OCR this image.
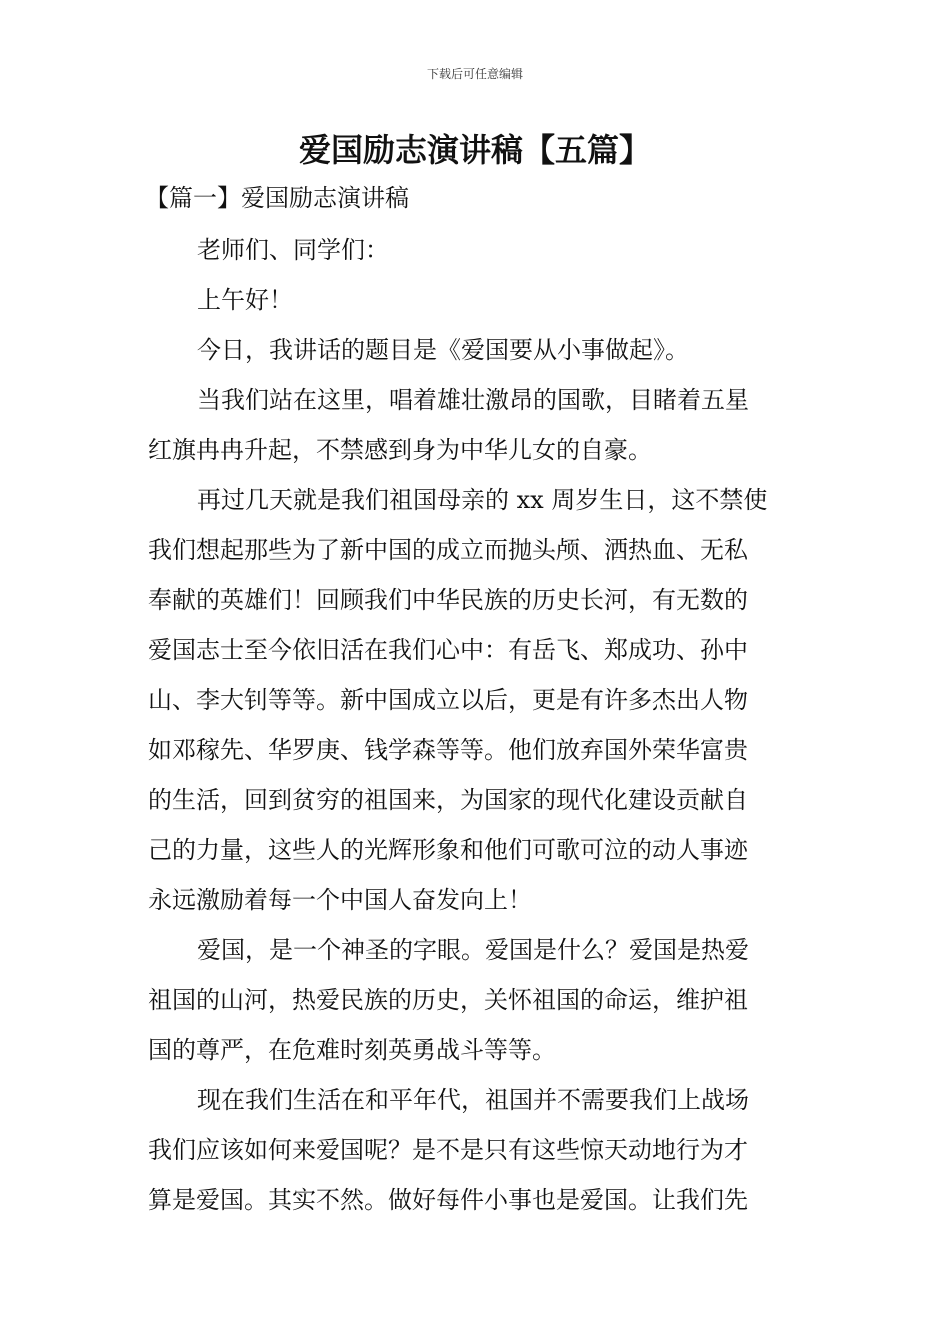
下载后可任意编辑
爱国励志演讲稿【五篇】
【篇一】爱国励志演讲稿

老师们、同学们：

上午好！

今日，我讲话的题目是《爱国要从小事做起》。

当我们站在这里，唱着雄壮激昂的国歌，目睹着五星
红旗冉冉升起，不禁感到身为中华儿女的自豪。

再过几天就是我们祖国母亲的 xx 周岁生日，这不禁使
我们想起那些为了新中国的成立而抛头颅、洒热血、无私
奉献的英雄们！回顾我们中华民族的历史长河，有无数的
爱国志士至今依旧活在我们心中：有岳飞、郑成功、孙中
山、李大钊等等。新中国成立以后，更是有许多杰出人物
如邓稼先、华罗庚、钱学森等等。他们放弃国外荣华富贵
的生活，回到贫穷的祖国来，为国家的现代化建设贡献自
己的力量，这些人的光辉形象和他们可歌可泣的动人事迹
永远激励着每一个中国人奋发向上！

爱国，是一个神圣的字眼。爱国是什么？爱国是热爱
祖国的山河，热爱民族的历史，关怀祖国的命运，维护祖
国的尊严，在危难时刻英勇战斗等等。

现在我们生活在和平年代，祖国并不需要我们上战场
我们应该如何来爱国呢？是不是只有这些惊天动地行为才
算是爱国。其实不然。做好每件小事也是爱国。让我们先
